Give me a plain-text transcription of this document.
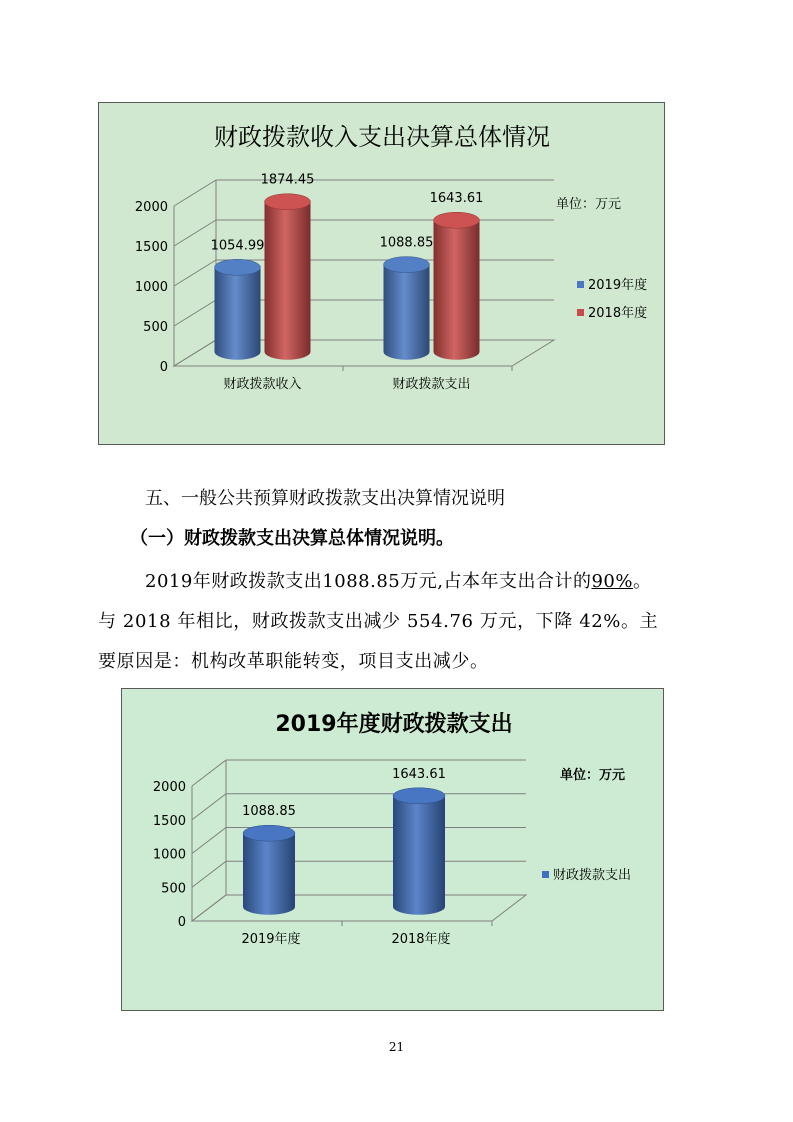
财政拨款收入支出决算总体情况
单位：万元
0
500
1000
1500
2000
财政拨款收入
1054.99
1874.45
财政拨款支出
1088.85
1643.61
2019年度
2018年度
五、一般公共预算财政拨款支出决算情况说明
（一）财政拨款支出决算总体情况说明。
2019年财政拨款支出1088.85万元,占本年支出合计的90%。
与 2018 年相比，财政拨款支出减少 554.76 万元，下降 42%。主
要原因是：机构改革职能转变，项目支出减少。
2019年度财政拨款支出
单位：万元
0
500
1000
1500
2000
2019年度
1088.85
2018年度
1643.61
财政拨款支出
21
